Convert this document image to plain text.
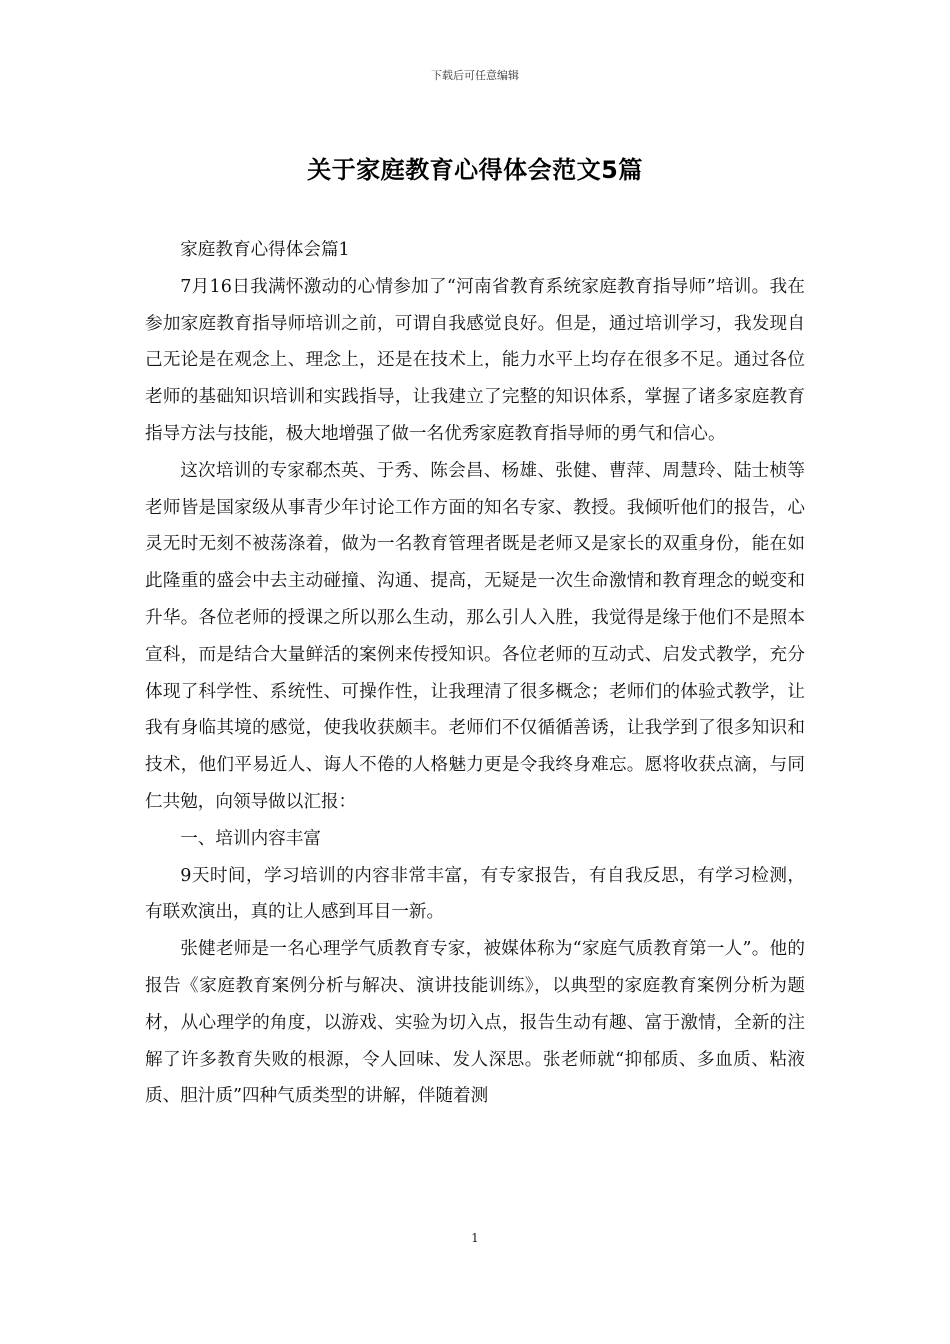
下载后可任意编辑
关于家庭教育心得体会范文5篇

家庭教育心得体会篇1

7月16日我满怀激动的心情参加了“河南省教育系统家庭教育指导师”培训。我在参加家庭教育指导师培训之前，可谓自我感觉良好。但是，通过培训学习，我发现自己无论是在观念上、理念上，还是在技术上，能力水平上均存在很多不足。通过各位老师的基础知识培训和实践指导，让我建立了完整的知识体系，掌握了诸多家庭教育指导方法与技能，极大地增强了做一名优秀家庭教育指导师的勇气和信心。

这次培训的专家郗杰英、于秀、陈会昌、杨雄、张健、曹萍、周慧玲、陆士桢等老师皆是国家级从事青少年讨论工作方面的知名专家、教授。我倾听他们的报告，心灵无时无刻不被荡涤着，做为一名教育管理者既是老师又是家长的双重身份，能在如此隆重的盛会中去主动碰撞、沟通、提高，无疑是一次生命激情和教育理念的蜕变和升华。各位老师的授课之所以那么生动，那么引人入胜，我觉得是缘于他们不是照本宣科，而是结合大量鲜活的案例来传授知识。各位老师的互动式、启发式教学，充分体现了科学性、系统性、可操作性，让我理清了很多概念；老师们的体验式教学，让我有身临其境的感觉，使我收获颇丰。老师们不仅循循善诱，让我学到了很多知识和技术，他们平易近人、诲人不倦的人格魅力更是令我终身难忘。愿将收获点滴，与同仁共勉，向领导做以汇报：

一、培训内容丰富

9天时间，学习培训的内容非常丰富，有专家报告，有自我反思，有学习检测，有联欢演出，真的让人感到耳目一新。

张健老师是一名心理学气质教育专家，被媒体称为“家庭气质教育第一人”。他的报告《家庭教育案例分析与解决、演讲技能训练》，以典型的家庭教育案例分析为题材，从心理学的角度，以游戏、实验为切入点，报告生动有趣、富于激情，全新的注解了许多教育失败的根源，令人回味、发人深思。张老师就“抑郁质、多血质、粘液质、胆汁质”四种气质类型的讲解，伴随着测

1
